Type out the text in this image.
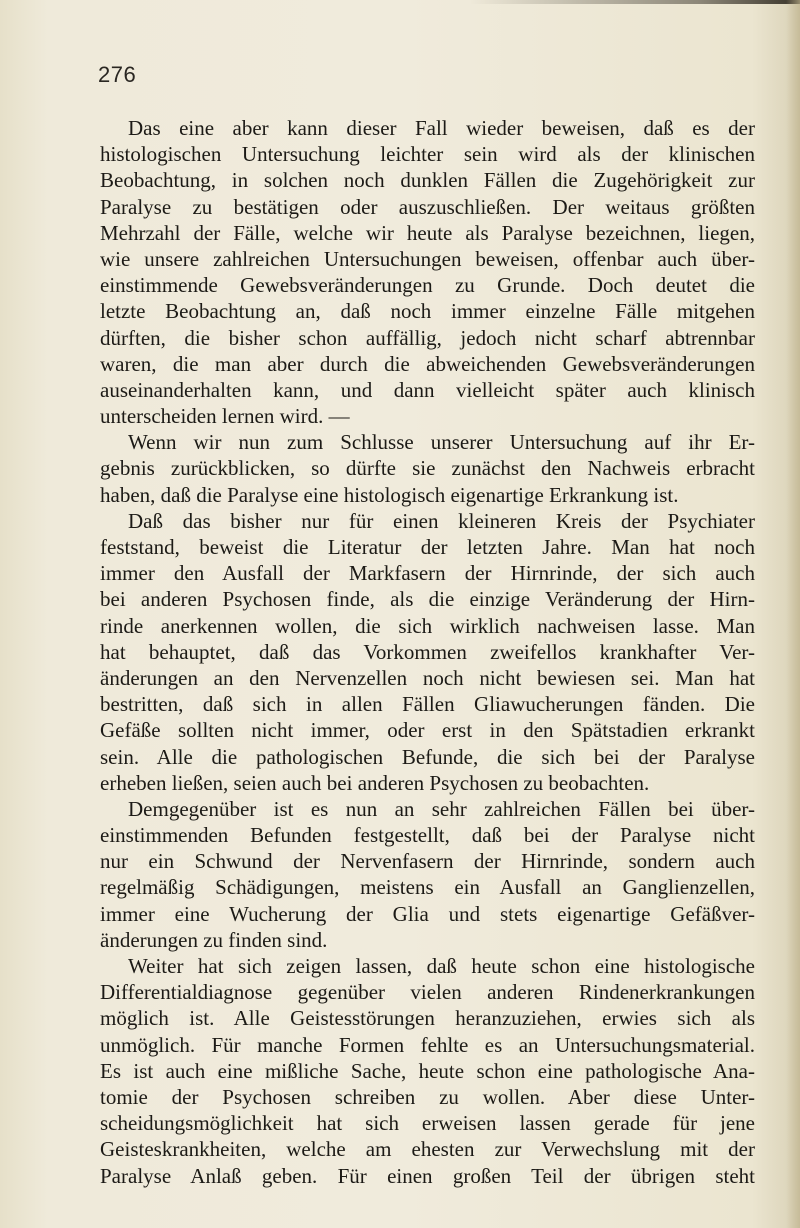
276
Das eine aber kann dieser Fall wieder beweisen, daß es der
histologischen Untersuchung leichter sein wird als der klinischen
Beobachtung, in solchen noch dunklen Fällen die Zugehörigkeit zur
Paralyse zu bestätigen oder auszuschließen. Der weitaus größten
Mehrzahl der Fälle, welche wir heute als Paralyse bezeichnen, liegen,
wie unsere zahlreichen Untersuchungen beweisen, offenbar auch über-
einstimmende Gewebsveränderungen zu Grunde. Doch deutet die
letzte Beobachtung an, daß noch immer einzelne Fälle mitgehen
dürften, die bisher schon auffällig, jedoch nicht scharf abtrennbar
waren, die man aber durch die abweichenden Gewebsveränderungen
auseinanderhalten kann, und dann vielleicht später auch klinisch
unterscheiden lernen wird. —
Wenn wir nun zum Schlusse unserer Untersuchung auf ihr Er-
gebnis zurückblicken, so dürfte sie zunächst den Nachweis erbracht
haben, daß die Paralyse eine histologisch eigenartige Erkrankung ist.
Daß das bisher nur für einen kleineren Kreis der Psychiater
feststand, beweist die Literatur der letzten Jahre. Man hat noch
immer den Ausfall der Markfasern der Hirnrinde, der sich auch
bei anderen Psychosen finde, als die einzige Veränderung der Hirn-
rinde anerkennen wollen, die sich wirklich nachweisen lasse. Man
hat behauptet, daß das Vorkommen zweifellos krankhafter Ver-
änderungen an den Nervenzellen noch nicht bewiesen sei. Man hat
bestritten, daß sich in allen Fällen Gliawucherungen fänden. Die
Gefäße sollten nicht immer, oder erst in den Spätstadien erkrankt
sein. Alle die pathologischen Befunde, die sich bei der Paralyse
erheben ließen, seien auch bei anderen Psychosen zu beobachten.
Demgegenüber ist es nun an sehr zahlreichen Fällen bei über-
einstimmenden Befunden festgestellt, daß bei der Paralyse nicht
nur ein Schwund der Nervenfasern der Hirnrinde, sondern auch
regelmäßig Schädigungen, meistens ein Ausfall an Ganglienzellen,
immer eine Wucherung der Glia und stets eigenartige Gefäßver-
änderungen zu finden sind.
Weiter hat sich zeigen lassen, daß heute schon eine histologische
Differentialdiagnose gegenüber vielen anderen Rindenerkrankungen
möglich ist. Alle Geistesstörungen heranzuziehen, erwies sich als
unmöglich. Für manche Formen fehlte es an Untersuchungsmaterial.
Es ist auch eine mißliche Sache, heute schon eine pathologische Ana-
tomie der Psychosen schreiben zu wollen. Aber diese Unter-
scheidungsmöglichkeit hat sich erweisen lassen gerade für jene
Geisteskrankheiten, welche am ehesten zur Verwechslung mit der
Paralyse Anlaß geben. Für einen großen Teil der übrigen steht
